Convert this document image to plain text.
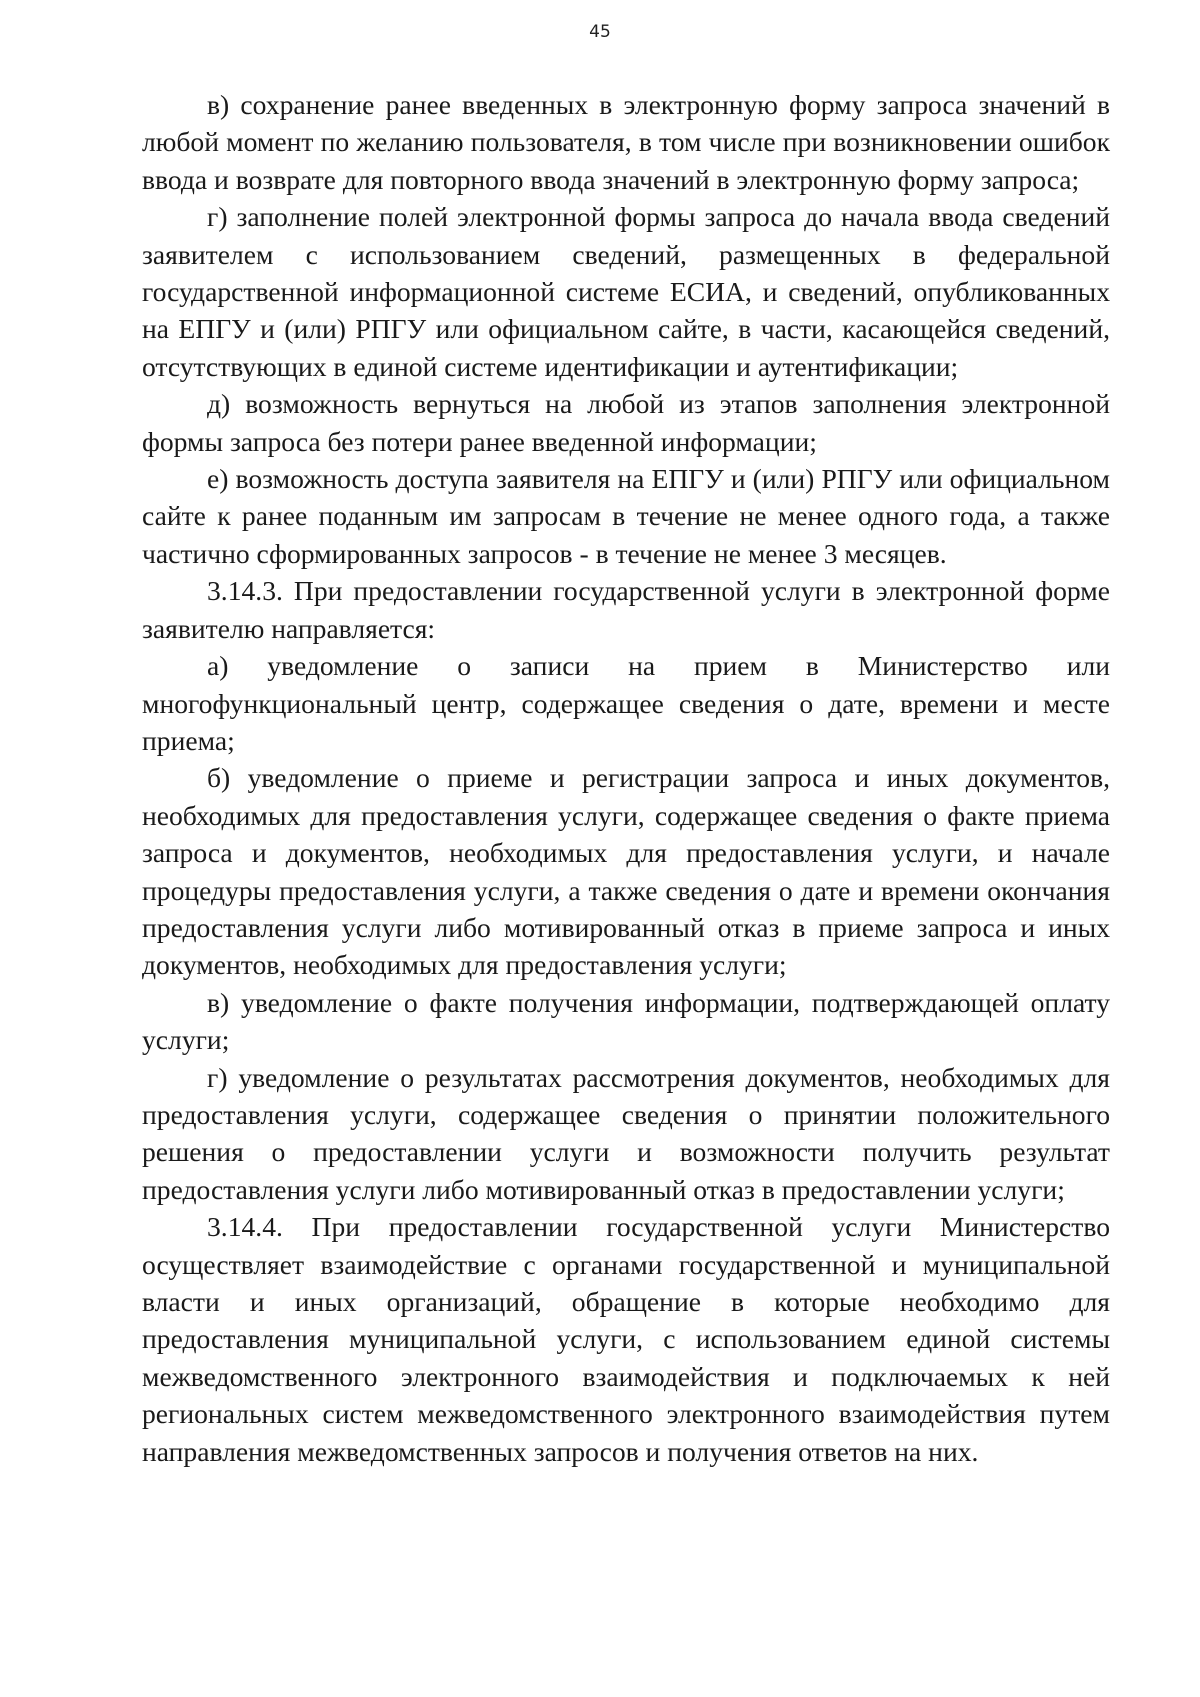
45

в) сохранение ранее введенных в электронную форму запроса значений в любой момент по желанию пользователя, в том числе при возникновении ошибок ввода и возврате для повторного ввода значений в электронную форму запроса;

г) заполнение полей электронной формы запроса до начала ввода сведений заявителем с использованием сведений, размещенных в федеральной государственной информационной системе ЕСИА, и сведений, опубликованных на ЕПГУ и (или) РПГУ или официальном сайте, в части, касающейся сведений, отсутствующих в единой системе идентификации и аутентификации;

д) возможность вернуться на любой из этапов заполнения электронной формы запроса без потери ранее введенной информации;

е) возможность доступа заявителя на ЕПГУ и (или) РПГУ или официальном сайте к ранее поданным им запросам в течение не менее одного года, а также частично сформированных запросов - в течение не менее 3 месяцев.

3.14.3. При предоставлении государственной услуги в электронной форме заявителю направляется:

а) уведомление о записи на прием в Министерство или многофункциональный центр, содержащее сведения о дате, времени и месте приема;

б) уведомление о приеме и регистрации запроса и иных документов, необходимых для предоставления услуги, содержащее сведения о факте приема запроса и документов, необходимых для предоставления услуги, и начале процедуры предоставления услуги, а также сведения о дате и времени окончания предоставления услуги либо мотивированный отказ в приеме запроса и иных документов, необходимых для предоставления услуги;

в) уведомление о факте получения информации, подтверждающей оплату услуги;

г) уведомление о результатах рассмотрения документов, необходимых для предоставления услуги, содержащее сведения о принятии положительного решения о предоставлении услуги и возможности получить результат предоставления услуги либо мотивированный отказ в предоставлении услуги;

3.14.4. При предоставлении государственной услуги Министерство осуществляет взаимодействие с органами государственной и муниципальной власти и иных организаций, обращение в которые необходимо для предоставления муниципальной услуги, с использованием единой системы межведомственного электронного взаимодействия и подключаемых к ней региональных систем межведомственного электронного взаимодействия путем направления межведомственных запросов и получения ответов на них.
